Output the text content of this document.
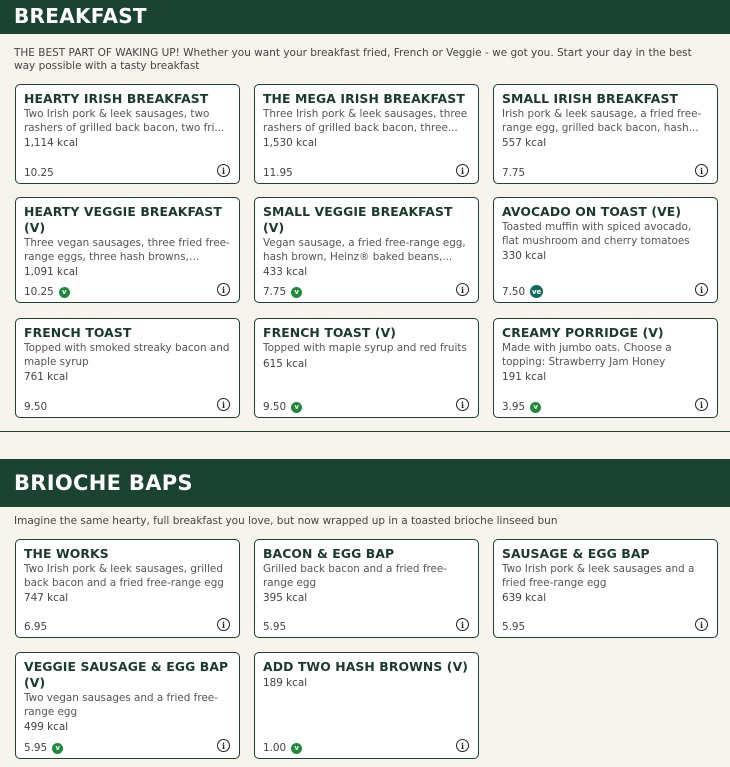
BREAKFAST
THE BEST PART OF WAKING UP! Whether you want your breakfast fried, French or Veggie - we got you. Start your day in the best way possible with a tasty breakfast
HEARTY IRISH BREAKFAST
Two Irish pork & leek sausages, two rashers of grilled back bacon, two fri...
1,114 kcal
10.25	i
THE MEGA IRISH BREAKFAST
Three Irish pork & leek sausages, three rashers of grilled back bacon, three...
1,530 kcal
11.95	i
SMALL IRISH BREAKFAST
Irish pork & leek sausage, a fried free-range egg, grilled back bacon, hash...
557 kcal
7.75	i
HEARTY VEGGIE BREAKFAST (V)
Three vegan sausages, three fried free-range eggs, three hash browns,
1,091 kcal
10.25	v	i
SMALL VEGGIE BREAKFAST (V)
Vegan sausage, a fried free-range egg, hash brown, Heinz® baked beans,...
433 kcal
7.75	v	i
AVOCADO ON TOAST (VE)
Toasted muffin with spiced avocado, flat mushroom and cherry tomatoes
330 kcal
7.50 ve	i
FRENCH TOAST
Topped with smoked streaky bacon and maple syrup
761 kcal
9.50	i
FRENCH TOAST (V)
Topped with maple syrup and red fruits
615 kcal
9.50	v	i
CREAMY PORRIDGE (V)
Made with jumbo oats. Choose a topping: Strawberry Jam Honey
191 kcal
3.95	v	i
BRIOCHE BAPS
Imagine the same hearty, full breakfast you love, but now wrapped up in a toasted brioche linseed bun
THE WORKS
Two Irish pork & leek sausages, grilled back bacon and a fried free-range egg
747 kcal
6.95	i
BACON & EGG BAP
Grilled back bacon and a fried free-range egg
395 kcal
5.95	i
SAUSAGE & EGG BAP
Two Irish pork & leek sausages and a fried free-range egg
639 kcal
5.95	i
VEGGIE SAUSAGE & EGG BAP (V)
Two vegan sausages and a fried free-range egg
499 kcal
5.95	v	i
ADD TWO HASH BROWNS (V)
189 kcal
1.00	v	i
